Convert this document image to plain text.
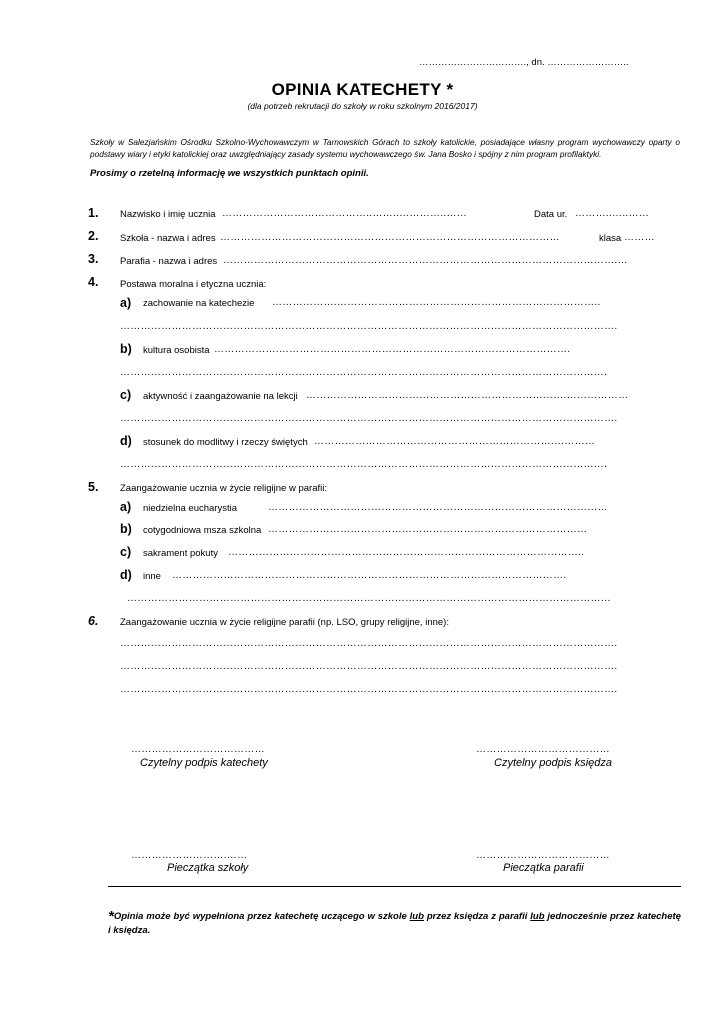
……………………………., dn. ……………………..
OPINIA KATECHETY *
(dla potrzeb rekrutacji do szkoły w roku szkolnym 2016/2017)
Szkoły w Salezjańskim Ośrodku Szkolno-Wychowawczym w Tarnowskich Górach to szkoły katolickie, posiadające własny program wychowawczy oparty o podstawy wiary i etyki katolickiej oraz uwzględniający zasady systemu wychowawczego św. Jana Bosko i spójny z nim program profilaktyki.
Prosimy o rzetelną informację we wszystkich punktach opinii.
1. Nazwisko i imię ucznia ……………………………………..……..…………..……	Data ur. ………..…..……
2. Szkoła - nazwa i adres ………………………………………………………………………………………	klasa ………
3. Parafia - nazwa i adres …………………………………………………………………………………………………….…
4. Postawa moralna i etyczna ucznia:
a) zachowanie na katechezie ……………….…………………………………………………………………..
……………………………………………………………………………………………………………………………….
b) kultura osobista ……………….………………………………………………………………………….
…………………………………………………………………………………………………………………………….
c) aktywność i zaangażowanie na lekcji ………………………………………………………………….………………
……………………………………………………………………………………………………………………………….
d) stosunek do modlitwy i rzeczy świętych ……………………………………………………………….………
…………………………………………………………………………………………………………………………….
5. Zaangażowanie ucznia w życie religijne w parafii:
a) niedzielna eucharystia	………………………………………………………………………………………
b) cotygodniowa msza szkolna …………………………………………………………………………………
c) sakrament pokuty …………………………………………………………………………………………..
d) inne …………………………………………………………………………………………………….
……………………………………………………………………………………………………………………………
6. Zaangażowanie ucznia w życie religijne parafii (np. LSO, grupy religijne, inne):
……………………………………………………………………………………………………………………………….
……………………………………………………………………………………………………………………………….
……………………………………………………………………………………………………………………………….
…………………………………
Czytelny podpis katechety
…………………………………
Czytelny podpis księdza
……………………….……
Pieczątka szkoły
…………………………………
Pieczątka parafii
*Opinia może być wypełniona przez katechetę uczącego w szkole lub przez księdza z parafii lub jednocześnie przez katechetę i księdza.
